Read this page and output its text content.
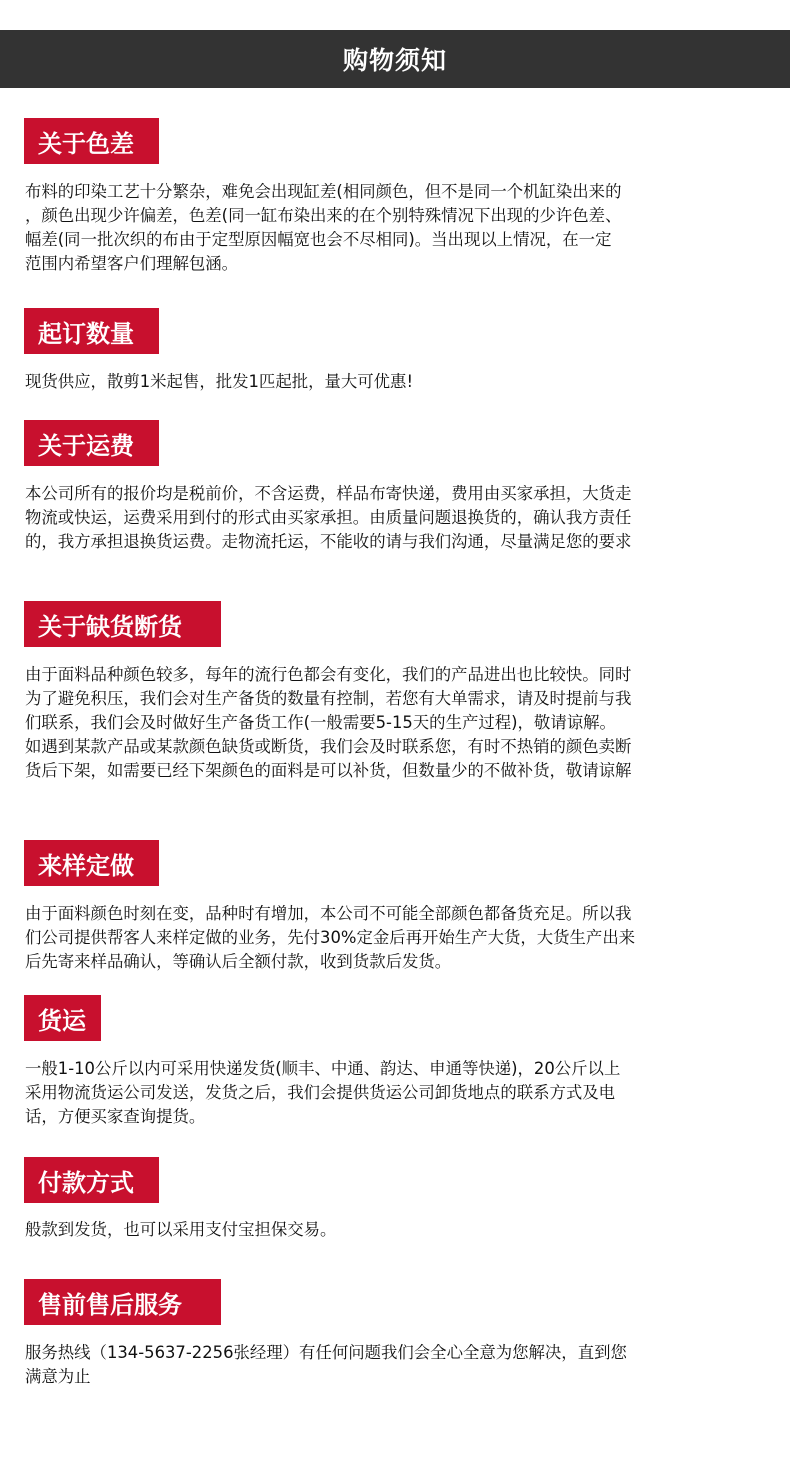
购物须知
关于色差
布料的印染工艺十分繁杂，难免会出现缸差(相同颜色，但不是同一个机缸染出来的
，颜色出现少许偏差，色差(同一缸布染出来的在个别特殊情况下出现的少许色差、
幅差(同一批次织的布由于定型原因幅宽也会不尽相同)。当出现以上情况，在一定
范围内希望客户们理解包涵。
起订数量
现货供应，散剪1米起售，批发1匹起批，量大可优惠!
关于运费
本公司所有的报价均是税前价，不含运费，样品布寄快递，费用由买家承担，大货走
物流或快运，运费采用到付的形式由买家承担。由质量问题退换货的，确认我方责任
的，我方承担退换货运费。走物流托运，不能收的请与我们沟通，尽量满足您的要求
关于缺货断货
由于面料品种颜色较多，每年的流行色都会有变化，我们的产品进出也比较快。同时
为了避免积压，我们会对生产备货的数量有控制，若您有大单需求，请及时提前与我
们联系，我们会及时做好生产备货工作(一般需要5-15天的生产过程)，敬请谅解。
如遇到某款产品或某款颜色缺货或断货，我们会及时联系您，有时不热销的颜色卖断
货后下架，如需要已经下架颜色的面料是可以补货，但数量少的不做补货，敬请谅解
来样定做
由于面料颜色时刻在变，品种时有增加，本公司不可能全部颜色都备货充足。所以我
们公司提供帮客人来样定做的业务，先付30%定金后再开始生产大货，大货生产出来
后先寄来样品确认，等确认后全额付款，收到货款后发货。
货运
一般1-10公斤以内可采用快递发货(顺丰、中通、韵达、申通等快递)，20公斤以上
采用物流货运公司发送，发货之后，我们会提供货运公司卸货地点的联系方式及电
话，方便买家查询提货。
付款方式
般款到发货，也可以采用支付宝担保交易。
售前售后服务
服务热线（134-5637-2256张经理）有任何问题我们会全心全意为您解决，直到您
满意为止
